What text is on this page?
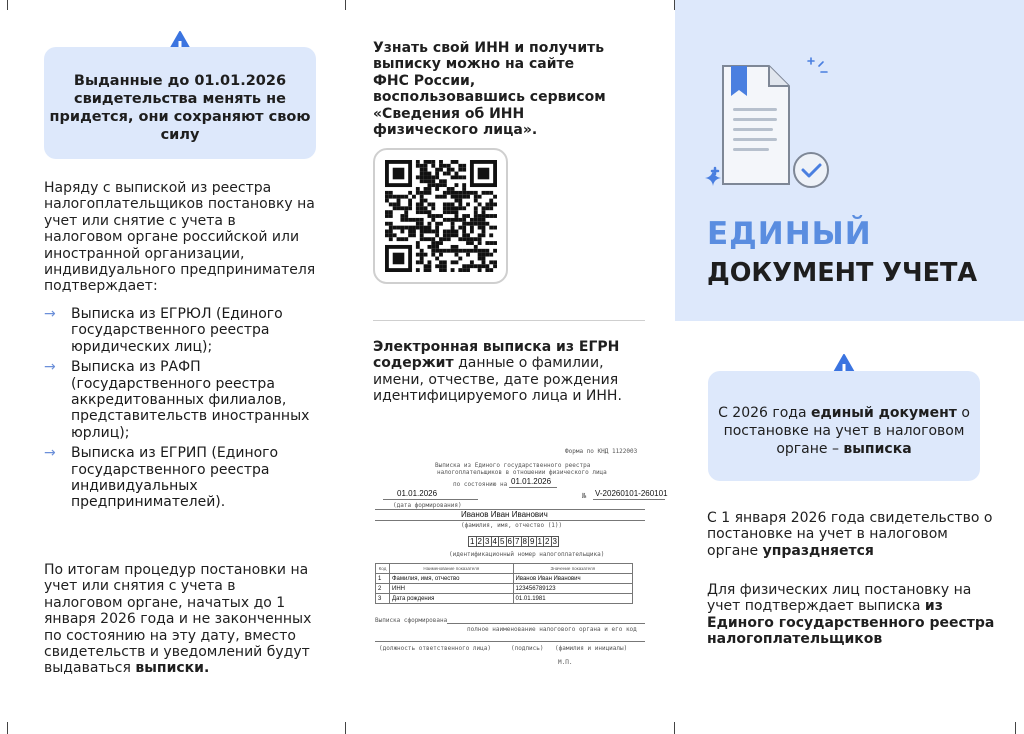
Выданные до 01.01.2026 свидетельства менять не придется, они сохраняют свою силу
Наряду с выпиской из реестра налогоплательщиков постановку на учет или снятие с учета в налоговом органе российской или иностранной организации, индивидуального предпринимателя подтверждает:
→ Выписка из ЕГРЮЛ (Единого государственного реестра юридических лиц);
→ Выписка из РАФП (государственного реестра аккредитованных филиалов, представительств иностранных юрлиц);
→ Выписка из ЕГРИП (Единого государственного реестра индивидуальных предпринимателей).
По итогам процедур постановки на учет или снятия с учета в налоговом органе, начатых до 1 января 2026 года и не законченных по состоянию на эту дату, вместо свидетельств и уведомлений будут выдаваться выписки.
Узнать свой ИНН и получить выписку можно на сайте ФНС России, воспользовавшись сервисом «Сведения об ИНН физического лица».
Электронная выписка из ЕГРН содержит данные о фамилии, имени, отчестве, дате рождения идентифицируемого лица и ИНН.
Форма по КНД 1122003
Выписка из Единого государственного реестра
налогоплательщиков в отношении физического лица
по состоянию на 01.01.2026
01.01.2026
(дата формирования)
№ V-20260101-260101
Иванов Иван Иванович
(фамилия, имя, отчество (1))
1 2 3 4 5 6 7 8 9 1 2 3
(идентификационный номер налогоплательщика)
Код	Наименование показателя	Значение показателя
1	Фамилия, имя, отчество	Иванов Иван Иванович
2	ИНН	123456789123
3	Дата рождения	01.01.1981
Выписка сформирована
полное наименование налогового органа и его код
(должность ответственного лица)	(подпись) (фамилия и инициалы)
М.П.
ЕДИНЫЙ
ДОКУМЕНТ УЧЕТА
С 2026 года единый документ о постановке на учет в налоговом органе – выписка
С 1 января 2026 года свидетельство о постановке на учет в налоговом органе упраздняется
Для физических лиц постановку на учет подтверждает выписка из Единого государственного реестра налогоплательщиков
